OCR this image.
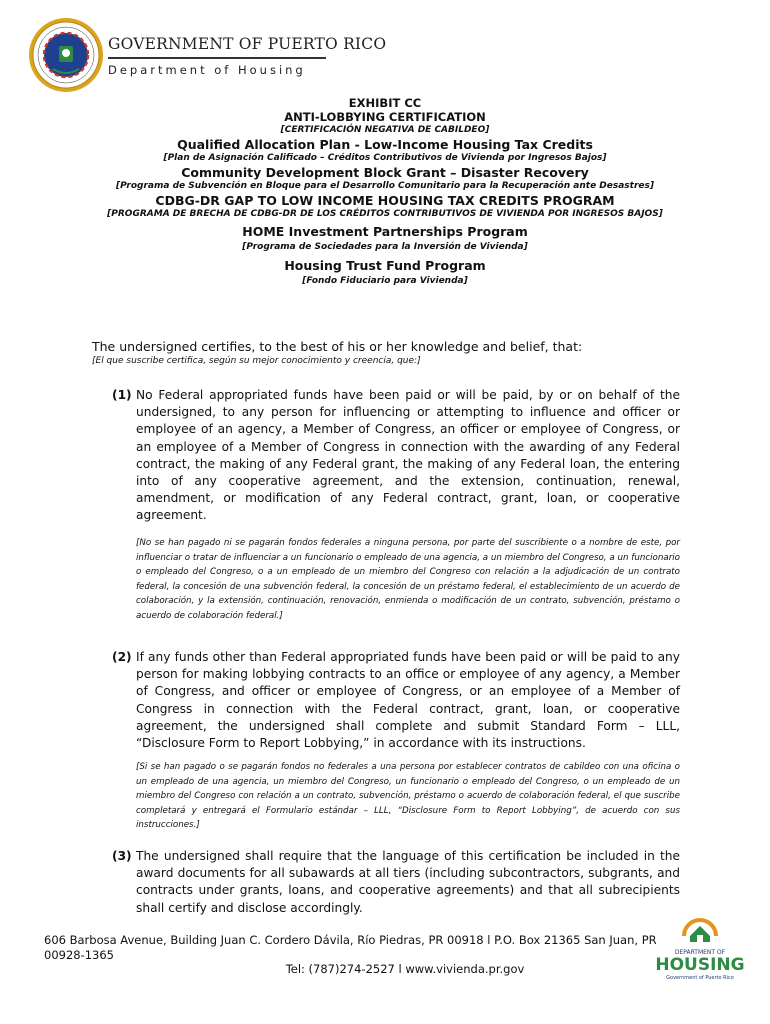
GOVERNMENT OF PUERTO RICO
Department of Housing
EXHIBIT CC
ANTI-LOBBYING CERTIFICATION
[CERTIFICACIÓN NEGATIVA DE CABILDEO]
Qualified Allocation Plan - Low-Income Housing Tax Credits
[Plan de Asignación Calificado – Créditos Contributivos de Vivienda por Ingresos Bajos]
Community Development Block Grant – Disaster Recovery
[Programa de Subvención en Bloque para el Desarrollo Comunitario para la Recuperación ante Desastres]
CDBG-DR GAP TO LOW INCOME HOUSING TAX CREDITS PROGRAM
[PROGRAMA DE BRECHA DE CDBG-DR DE LOS CRÉDITOS CONTRIBUTIVOS DE VIVIENDA POR INGRESOS BAJOS]
HOME Investment Partnerships Program
[Programa de Sociedades para la Inversión de Vivienda]
Housing Trust Fund Program
[Fondo Fiduciario para Vivienda]
The undersigned certifies, to the best of his or her knowledge and belief, that:
[El que suscribe certifica, según su mejor conocimiento y creencia, que:]
(1) No Federal appropriated funds have been paid or will be paid, by or on behalf of the undersigned, to any person for influencing or attempting to influence and officer or employee of an agency, a Member of Congress, an officer or employee of Congress, or an employee of a Member of Congress in connection with the awarding of any Federal contract, the making of any Federal grant, the making of any Federal loan, the entering into of any cooperative agreement, and the extension, continuation, renewal, amendment, or modification of any Federal contract, grant, loan, or cooperative agreement.
[No se han pagado ni se pagarán fondos federales a ninguna persona, por parte del suscribiente o a nombre de este, por influenciar o tratar de influenciar a un funcionario o empleado de una agencia, a un miembro del Congreso, a un funcionario o empleado del Congreso, o a un empleado de un miembro del Congreso con relación a la adjudicación de un contrato federal, la concesión de una subvención federal, la concesión de un préstamo federal, el establecimiento de un acuerdo de colaboración, y la extensión, continuación, renovación, enmienda o modificación de un contrato, subvención, préstamo o acuerdo de colaboración federal.]
(2) If any funds other than Federal appropriated funds have been paid or will be paid to any person for making lobbying contracts to an office or employee of any agency, a Member of Congress, and officer or employee of Congress, or an employee of a Member of Congress in connection with the Federal contract, grant, loan, or cooperative agreement, the undersigned shall complete and submit Standard Form – LLL, “Disclosure Form to Report Lobbying,” in accordance with its instructions.
[Si se han pagado o se pagarán fondos no federales a una persona por establecer contratos de cabildeo con una oficina o un empleado de una agencia, un miembro del Congreso, un funcionario o empleado del Congreso, o un empleado de un miembro del Congreso con relación a un contrato, subvención, préstamo o acuerdo de colaboración federal, el que suscribe completará y entregará el Formulario estándar – LLL, “Disclosure Form to Report Lobbying”, de acuerdo con sus instrucciones.]
(3) The undersigned shall require that the language of this certification be included in the award documents for all subawards at all tiers (including subcontractors, subgrants, and contracts under grants, loans, and cooperative agreements) and that all subrecipients shall certify and disclose accordingly.
606 Barbosa Avenue, Building Juan C. Cordero Dávila, Río Piedras, PR 00918 l P.O. Box 21365 San Juan, PR 00928-1365
Tel: (787)274-2527 l www.vivienda.pr.gov
DEPARTMENT OF
HOUSING
Government of Puerto Rico
